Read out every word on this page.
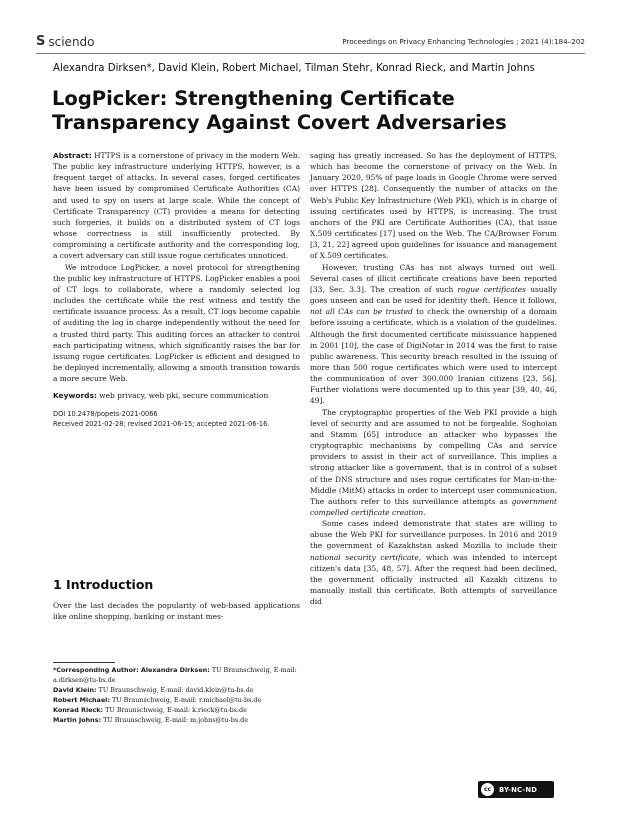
S sciendo	Proceedings on Privacy Enhancing Technologies ; 2021 (4):184–202
Alexandra Dirksen*, David Klein, Robert Michael, Tilman Stehr, Konrad Rieck, and Martin Johns
LogPicker: Strengthening Certificate Transparency Against Covert Adversaries

Abstract: HTTPS is a cornerstone of privacy in the modern Web. The public key infrastructure underlying HTTPS, however, is a frequent target of attacks. In several cases, forged certificates have been issued by compromised Certificate Authorities (CA) and used to spy on users at large scale. While the concept of Certificate Transparency (CT) provides a means for detecting such forgeries, it builds on a distributed system of CT logs whose correctness is still insufficiently protected. By compromising a certificate authority and the corresponding log, a covert adversary can still issue rogue certificates unnoticed.

We introduce LogPicker, a novel protocol for strengthening the public key infrastructure of HTTPS. LogPicker enables a pool of CT logs to collaborate, where a randomly selected log includes the certificate while the rest witness and testify the certificate issuance process. As a result, CT logs become capable of auditing the log in charge independently without the need for a trusted third party. This auditing forces an attacker to control each participating witness, which significantly raises the bar for issuing rogue certificates. LogPicker is efficient and designed to be deployed incrementally, allowing a smooth transition towards a more secure Web.

Keywords: web privacy, web pki, secure communication

DOI 10.2478/popets-2021-0066

Received 2021-02-28; revised 2021-06-15; accepted 2021-06-16.

1 Introduction

Over the last decades the popularity of web-based applications like online shopping, banking or instant mes-

*Corresponding Author: Alexandra Dirksen: TU Braunschweig, E-mail: a.dirksen@tu-bs.de
David Klein: TU Braunschweig, E-mail: david.klein@tu-bs.de
Robert Michael: TU Braunschweig, E-mail: r.michael@tu-bs.de
Konrad Rieck: TU Braunschweig, E-mail: k.rieck@tu-bs.de
Martin Johns: TU Braunschweig, E-mail: m.johns@tu-bs.de

saging has greatly increased. So has the deployment of HTTPS, which has become the cornerstone of privacy on the Web. In January 2020, 95% of page loads in Google Chrome were served over HTTPS [28]. Consequently the number of attacks on the Web's Public Key Infrastructure (Web PKI), which is in charge of issuing certificates used by HTTPS, is increasing. The trust anchors of the PKI are Certificate Authorities (CA), that issue X.509 certificates [17] used on the Web. The CA/Browser Forum [3, 21, 22] agreed upon guidelines for issuance and management of X.509 certificates.

However, trusting CAs has not always turned out well. Several cases of illicit certificate creations have been reported [33, Sec. 3.3]. The creation of such rogue certificates usually goes unseen and can be used for identity theft. Hence it follows, not all CAs can be trusted to check the ownership of a domain before issuing a certificate, which is a violation of the guidelines. Although the first documented certificate misissuance happened in 2001 [10], the case of DigiNotar in 2014 was the first to raise public awareness. This security breach resulted in the issuing of more than 500 rogue certificates which were used to intercept the communication of over 300.000 Iranian citizens [23, 56]. Further violations were documented up to this year [39, 40, 46, 49].

The cryptographic properties of the Web PKI provide a high level of security and are assumed to not be forgeable. Soghoian and Stamm [65] introduce an attacker who bypasses the cryptographic mechanisms by compelling CAs and service providers to assist in their act of surveillance. This implies a strong attacker like a government, that is in control of a subset of the DNS structure and uses rogue certificates for Man-in-the-Middle (MitM) attacks in order to intercept user communication. The authors refer to this surveillance attempts as government compelled certificate creation.

Some cases indeed demonstrate that states are willing to abuse the Web PKI for surveillance purposes. In 2016 and 2019 the government of Kazakhstan asked Mozilla to include their national security certificate, which was intended to intercept citizen's data [35, 48, 57]. After the request had been declined, the government officially instructed all Kazakh citizens to manually install this certificate. Both attempts of surveillance did

cc	BY-NC-ND
